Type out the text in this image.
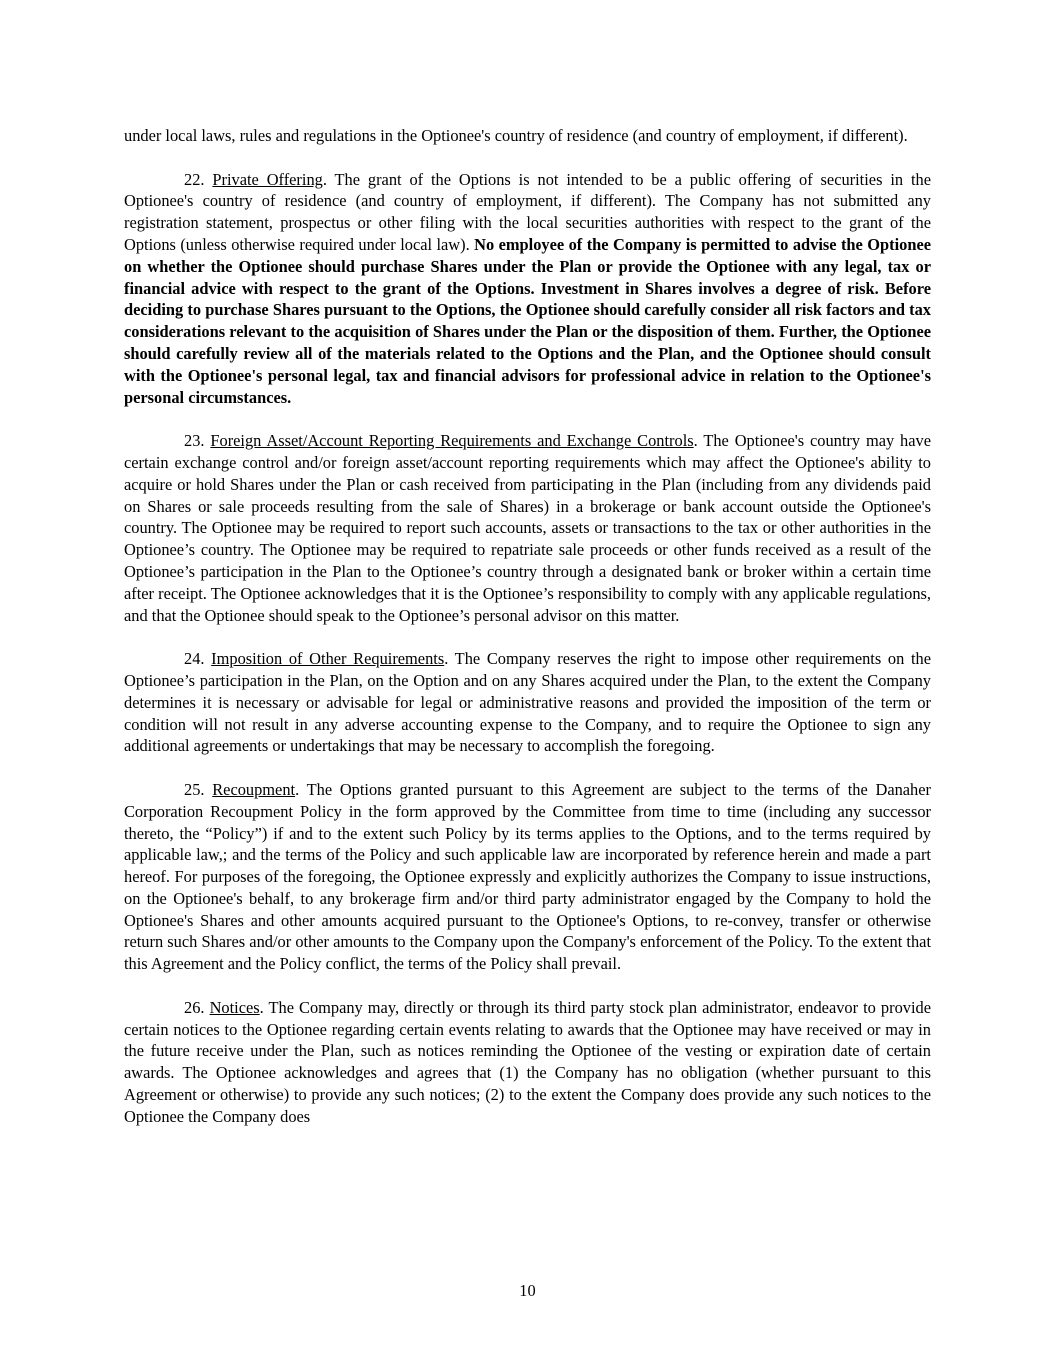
under local laws, rules and regulations in the Optionee's country of residence (and country of employment, if different).

22. Private Offering. The grant of the Options is not intended to be a public offering of securities in the Optionee's country of residence (and country of employment, if different). The Company has not submitted any registration statement, prospectus or other filing with the local securities authorities with respect to the grant of the Options (unless otherwise required under local law). No employee of the Company is permitted to advise the Optionee on whether the Optionee should purchase Shares under the Plan or provide the Optionee with any legal, tax or financial advice with respect to the grant of the Options. Investment in Shares involves a degree of risk. Before deciding to purchase Shares pursuant to the Options, the Optionee should carefully consider all risk factors and tax considerations relevant to the acquisition of Shares under the Plan or the disposition of them. Further, the Optionee should carefully review all of the materials related to the Options and the Plan, and the Optionee should consult with the Optionee's personal legal, tax and financial advisors for professional advice in relation to the Optionee's personal circumstances.

23. Foreign Asset/Account Reporting Requirements and Exchange Controls. The Optionee's country may have certain exchange control and/or foreign asset/account reporting requirements which may affect the Optionee's ability to acquire or hold Shares under the Plan or cash received from participating in the Plan (including from any dividends paid on Shares or sale proceeds resulting from the sale of Shares) in a brokerage or bank account outside the Optionee's country. The Optionee may be required to report such accounts, assets or transactions to the tax or other authorities in the Optionee’s country. The Optionee may be required to repatriate sale proceeds or other funds received as a result of the Optionee’s participation in the Plan to the Optionee’s country through a designated bank or broker within a certain time after receipt. The Optionee acknowledges that it is the Optionee’s responsibility to comply with any applicable regulations, and that the Optionee should speak to the Optionee’s personal advisor on this matter.

24. Imposition of Other Requirements. The Company reserves the right to impose other requirements on the Optionee’s participation in the Plan, on the Option and on any Shares acquired under the Plan, to the extent the Company determines it is necessary or advisable for legal or administrative reasons and provided the imposition of the term or condition will not result in any adverse accounting expense to the Company, and to require the Optionee to sign any additional agreements or undertakings that may be necessary to accomplish the foregoing.

25. Recoupment. The Options granted pursuant to this Agreement are subject to the terms of the Danaher Corporation Recoupment Policy in the form approved by the Committee from time to time (including any successor thereto, the “Policy”) if and to the extent such Policy by its terms applies to the Options, and to the terms required by applicable law,; and the terms of the Policy and such applicable law are incorporated by reference herein and made a part hereof. For purposes of the foregoing, the Optionee expressly and explicitly authorizes the Company to issue instructions, on the Optionee's behalf, to any brokerage firm and/or third party administrator engaged by the Company to hold the Optionee's Shares and other amounts acquired pursuant to the Optionee's Options, to re-convey, transfer or otherwise return such Shares and/or other amounts to the Company upon the Company's enforcement of the Policy. To the extent that this Agreement and the Policy conflict, the terms of the Policy shall prevail.

26. Notices. The Company may, directly or through its third party stock plan administrator, endeavor to provide certain notices to the Optionee regarding certain events relating to awards that the Optionee may have received or may in the future receive under the Plan, such as notices reminding the Optionee of the vesting or expiration date of certain awards. The Optionee acknowledges and agrees that (1) the Company has no obligation (whether pursuant to this Agreement or otherwise) to provide any such notices; (2) to the extent the Company does provide any such notices to the Optionee the Company does

10
